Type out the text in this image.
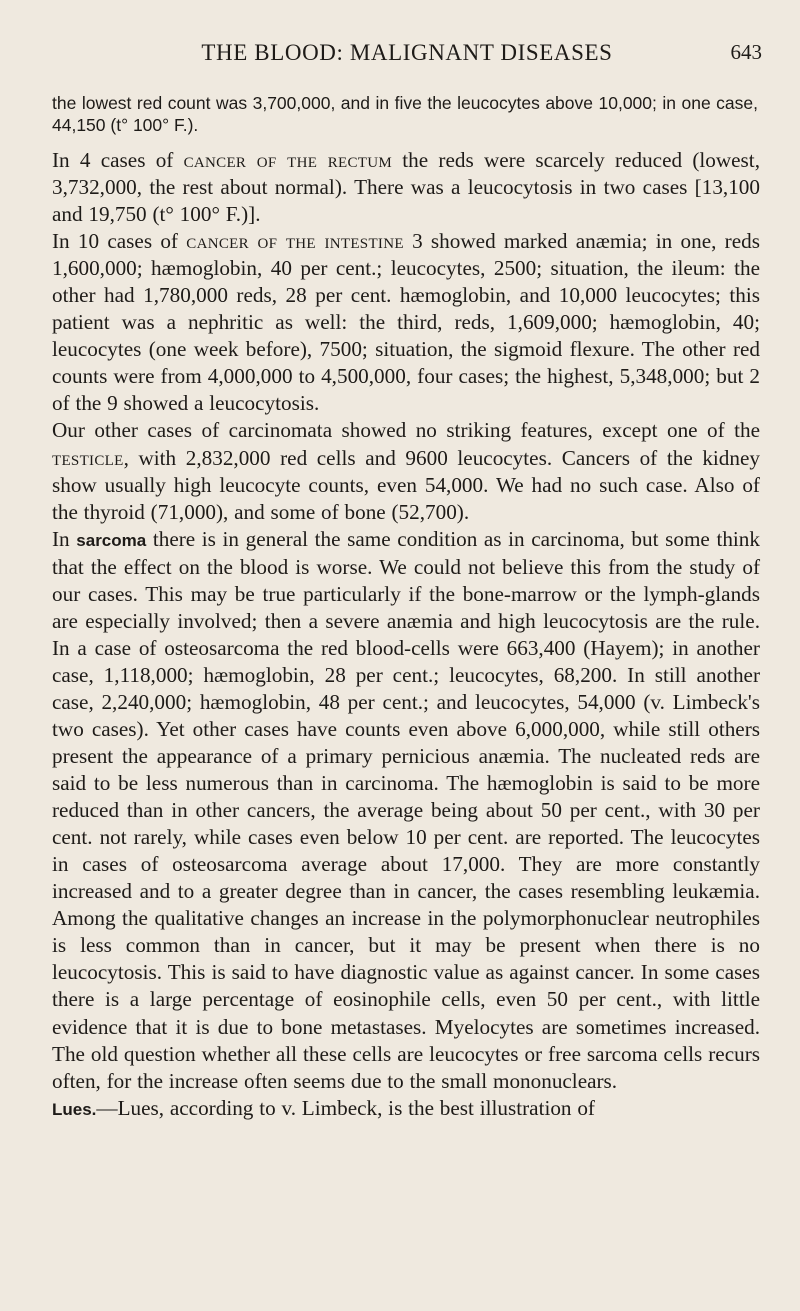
THE BLOOD: MALIGNANT DISEASES	643

the lowest red count was 3,700,000, and in five the leucocytes above 10,000; in one case, 44,150 (t° 100° F.).

In 4 cases of cancer of the rectum the reds were scarcely reduced (lowest, 3,732,000, the rest about normal). There was a leucocytosis in two cases [13,100 and 19,750 (t° 100° F.)].

In 10 cases of cancer of the intestine 3 showed marked anæmia; in one, reds 1,600,000; hæmoglobin, 40 per cent.; leucocytes, 2500; situation, the ileum: the other had 1,780,000 reds, 28 per cent. hæmoglobin, and 10,000 leucocytes; this patient was a nephritic as well: the third, reds, 1,609,000; hæmoglobin, 40; leucocytes (one week before), 7500; situation, the sigmoid flexure. The other red counts were from 4,000,000 to 4,500,000, four cases; the highest, 5,348,000; but 2 of the 9 showed a leucocytosis.

Our other cases of carcinomata showed no striking features, except one of the testicle, with 2,832,000 red cells and 9600 leucocytes. Cancers of the kidney show usually high leucocyte counts, even 54,000. We had no such case. Also of the thyroid (71,000), and some of bone (52,700).

In sarcoma there is in general the same condition as in carcinoma, but some think that the effect on the blood is worse. We could not believe this from the study of our cases. This may be true particularly if the bone-marrow or the lymph-glands are especially involved; then a severe anæmia and high leucocytosis are the rule. In a case of osteosarcoma the red blood-cells were 663,400 (Hayem); in another case, 1,118,000; hæmoglobin, 28 per cent.; leucocytes, 68,200. In still another case, 2,240,000; hæmoglobin, 48 per cent.; and leucocytes, 54,000 (v. Limbeck's two cases). Yet other cases have counts even above 6,000,000, while still others present the appearance of a primary pernicious anæmia. The nucleated reds are said to be less numerous than in carcinoma. The hæmoglobin is said to be more reduced than in other cancers, the average being about 50 per cent., with 30 per cent. not rarely, while cases even below 10 per cent. are reported. The leucocytes in cases of osteosarcoma average about 17,000. They are more constantly increased and to a greater degree than in cancer, the cases resembling leukæmia. Among the qualitative changes an increase in the polymorphonuclear neutrophiles is less common than in cancer, but it may be present when there is no leucocytosis. This is said to have diagnostic value as against cancer. In some cases there is a large percentage of eosinophile cells, even 50 per cent., with little evidence that it is due to bone metastases. Myelocytes are sometimes increased. The old question whether all these cells are leucocytes or free sarcoma cells recurs often, for the increase often seems due to the small mononuclears.

Lues.—Lues, according to v. Limbeck, is the best illustration of
